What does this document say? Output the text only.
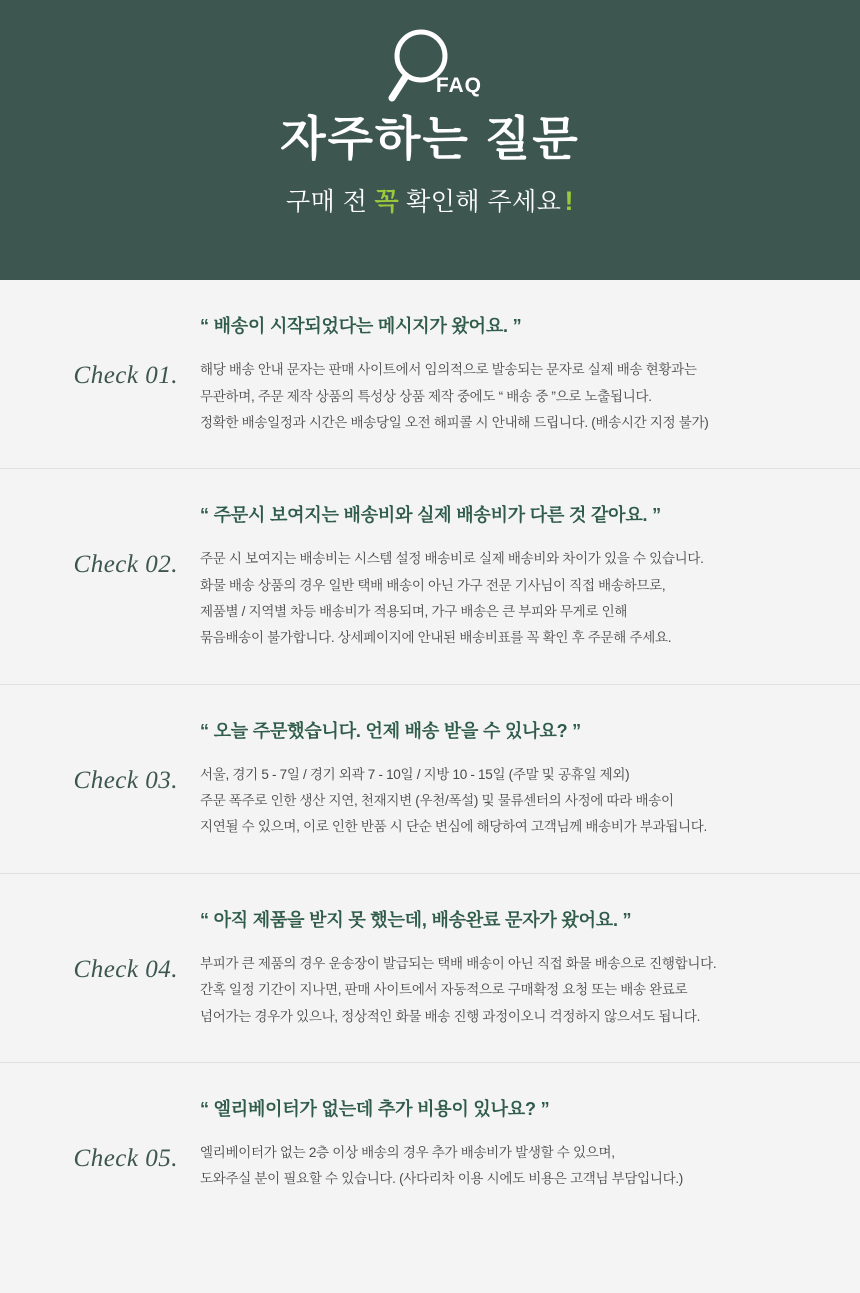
FAQ
자주하는 질문
구매 전 꼭 확인해 주세요 !
Check 01.
“ 배송이 시작되었다는 메시지가 왔어요. ”
해당 배송 안내 문자는 판매 사이트에서 임의적으로 발송되는 문자로 실제 배송 현황과는
무관하며, 주문 제작 상품의 특성상 상품 제작 중에도 “ 배송 중 ”으로 노출됩니다.
정확한 배송일정과 시간은 배송당일 오전 해피콜 시 안내해 드립니다. (배송시간 지정 불가)
Check 02.
“ 주문시 보여지는 배송비와 실제 배송비가 다른 것 같아요. ”
주문 시 보여지는 배송비는 시스템 설정 배송비로 실제 배송비와 차이가 있을 수 있습니다.
화물 배송 상품의 경우 일반 택배 배송이 아닌 가구 전문 기사님이 직접 배송하므로,
제품별 / 지역별 차등 배송비가 적용되며, 가구 배송은 큰 부피와 무게로 인해
묶음배송이 불가합니다. 상세페이지에 안내된 배송비표를 꼭 확인 후 주문해 주세요.
Check 03.
“ 오늘 주문했습니다. 언제 배송 받을 수 있나요? ”
서울, 경기 5 - 7일 / 경기 외곽 7 - 10일 / 지방 10 - 15일 (주말 및 공휴일 제외)
주문 폭주로 인한 생산 지연, 천재지변 (우천/폭설) 및 물류센터의 사정에 따라 배송이
지연될 수 있으며, 이로 인한 반품 시 단순 변심에 해당하여 고객님께 배송비가 부과됩니다.
Check 04.
“ 아직 제품을 받지 못 했는데, 배송완료 문자가 왔어요. ”
부피가 큰 제품의 경우 운송장이 발급되는 택배 배송이 아닌 직접 화물 배송으로 진행합니다.
간혹 일정 기간이 지나면, 판매 사이트에서 자동적으로 구매확정 요청 또는 배송 완료로
넘어가는 경우가 있으나, 정상적인 화물 배송 진행 과정이오니 걱정하지 않으셔도 됩니다.
Check 05.
“ 엘리베이터가 없는데 추가 비용이 있나요? ”
엘리베이터가 없는 2층 이상 배송의 경우 추가 배송비가 발생할 수 있으며,
도와주실 분이 필요할 수 있습니다. (사다리차 이용 시에도 비용은 고객님 부담입니다.)
